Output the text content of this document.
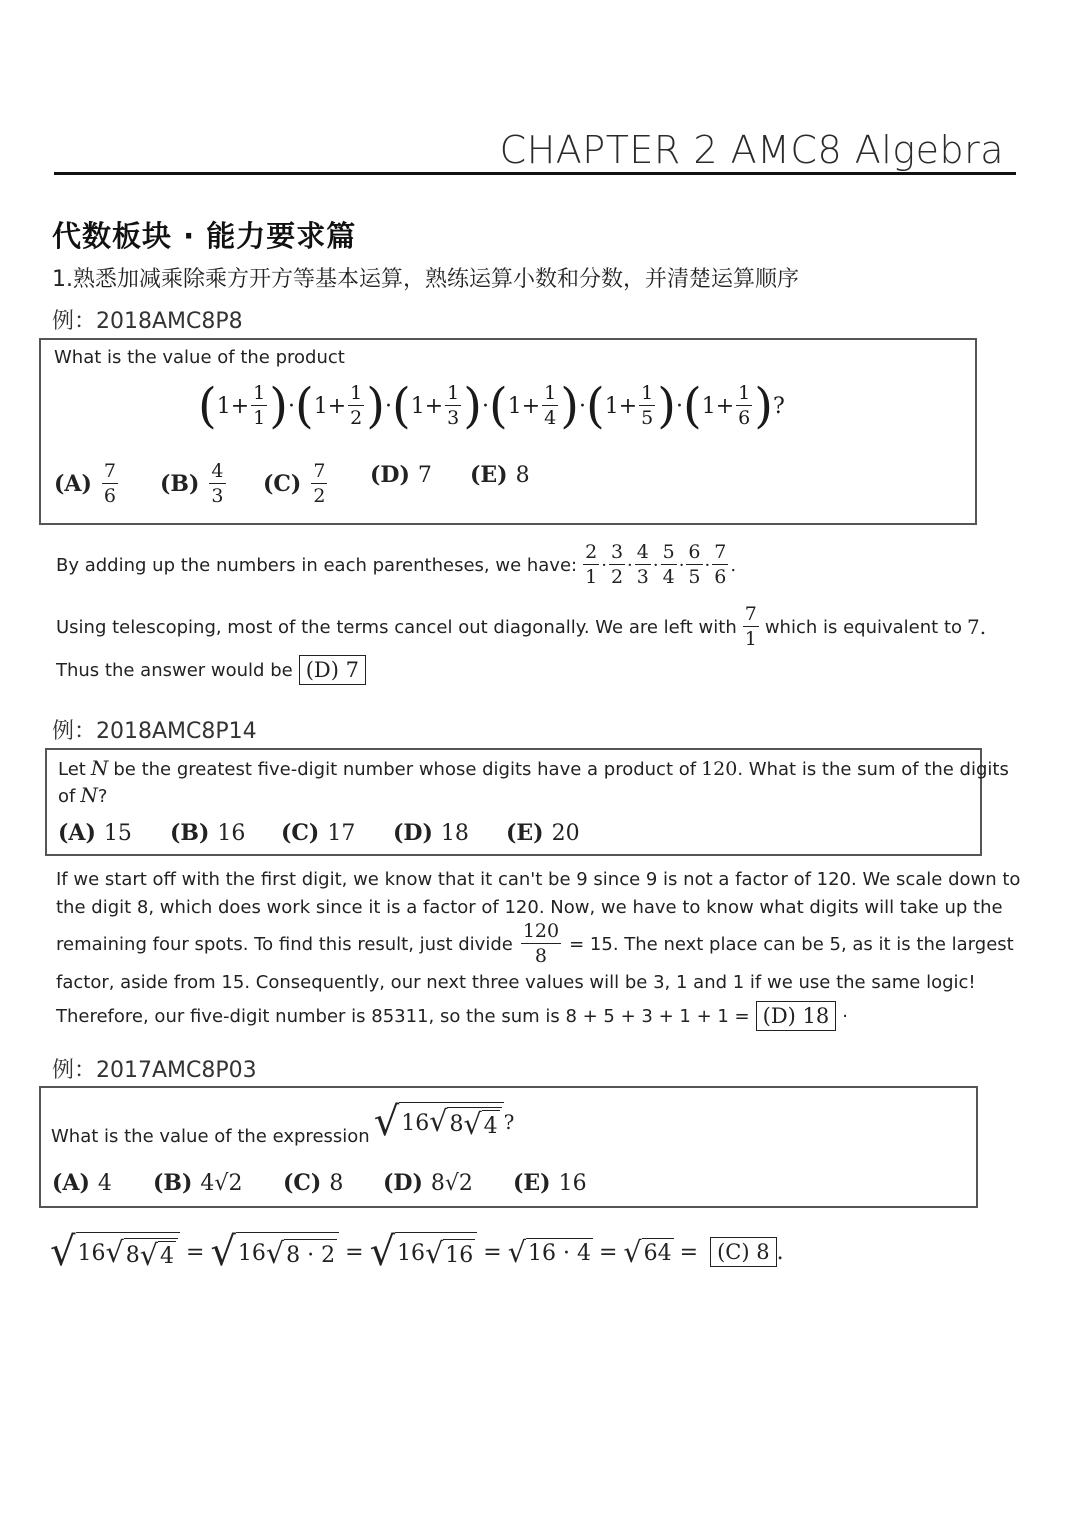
CHAPTER 2 AMC8 Algebra
代数板块 · 能力要求篇
1.熟悉加减乘除乘方开方等基本运算，熟练运算小数和分数，并清楚运算顺序
例：2018AMC8P8
What is the value of the product
( $1 + \frac{1}{1}$ ) · ( $1 + \frac{1}{2}$ ) · ( $1 + \frac{1}{3}$ ) · ( $1 + \frac{1}{4}$ ) · ( $1 + \frac{1}{5}$ ) · ( $1 + \frac{1}{6}$ ) ?
$(A) \frac{7}{6} (B) \frac{4}{3} (C) \frac{7}{2} (D)$ 7 (E) 8
By adding up the numbers in each parentheses, we have: $\frac{2}{1} \cdot \frac{3}{2} \cdot \frac{4}{3} \cdot \frac{5}{4} \cdot \frac{6}{5} \cdot \frac{7}{6}$ .
Using telescoping, most of the terms cancel out diagonally. We are left with $\frac{7}{1}$ which is equivalent to 7.
Thus the answer would be (D) 7
例：2018AMC8P14
Let N be the greatest five-digit number whose digits have a product of 120 . What is the sum of the digits
of N ?
(A) 15 (B) 16 (C) 17 (D) 18 (E) 20
If we start off with the first digit, we know that it can't be 9 since 9 is not a factor of 120. We scale down to
the digit 8, which does work since it is a factor of 120. Now, we have to know what digits will take up the
remaining four spots. To find this result, just divide $\frac{120}{8} = 15$. The next place can be 5, as it is the largest
factor, aside from 15. Consequently, our next three values will be 3, 1 and 1 if we use the same logic!
Therefore, our five-digit number is 85311, so the sum is 8 + 5 + 3 + 1 + 1 = (D) 18 ·
例：2017AMC8P03
What is the value of the expression √ 16 √ 8 √ 4 ?
(A) 4 (B) 4√2 (C) 8 (D) 8√2 (E) 16
√ 16 √ 8 √ 4 = √ 16 √ 8 · 2 = √ 16 √ 16 = √ 16 · 4 = √ 64 = (C) 8 .
